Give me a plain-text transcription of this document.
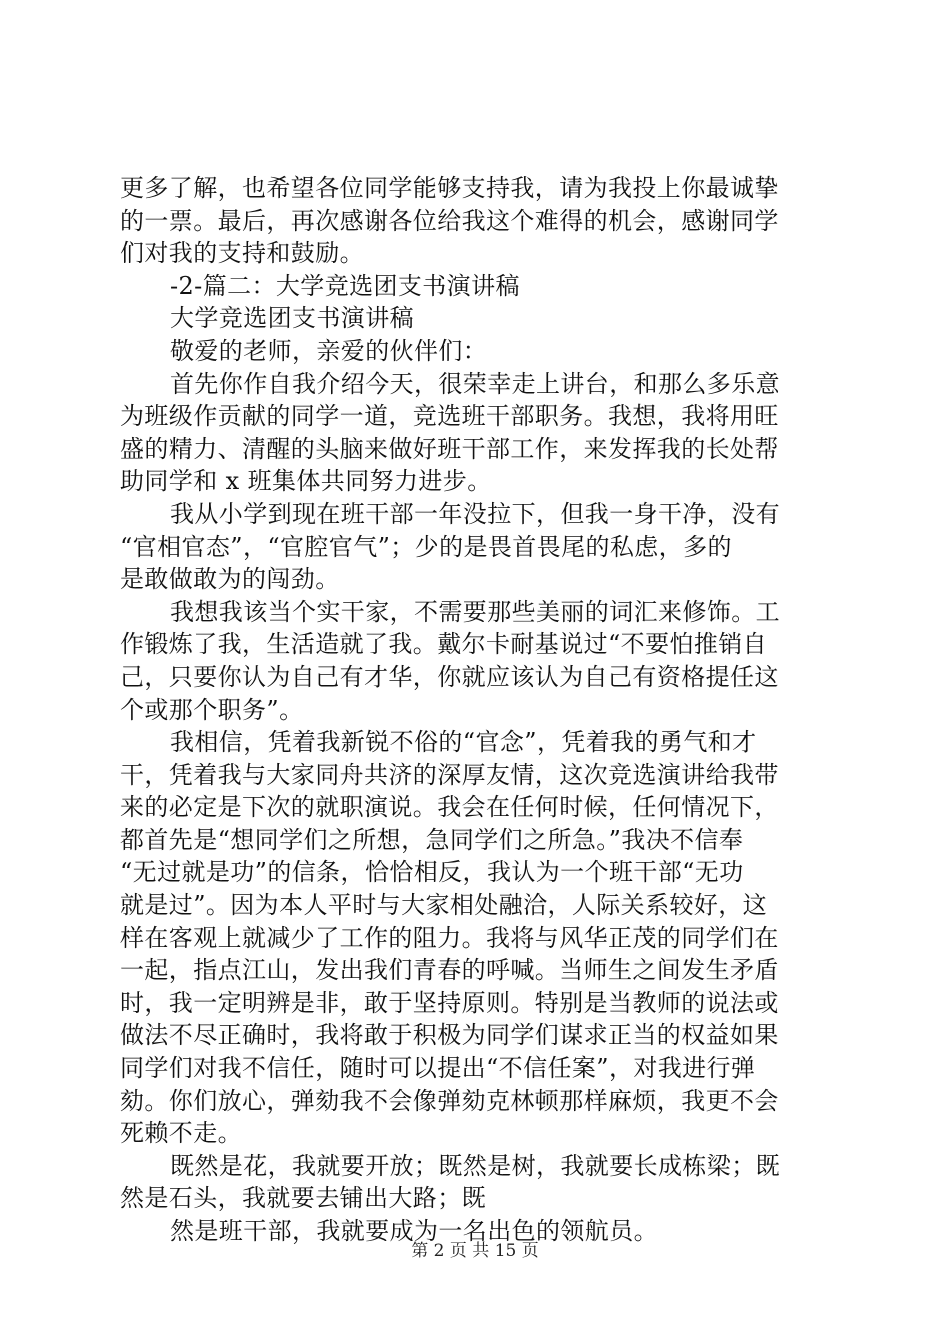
更多了解，也希望各位同学能够支持我，请为我投上你最诚挚
的一票。最后，再次感谢各位给我这个难得的机会，感谢同学
们对我的支持和鼓励。
-2-篇二：大学竞选团支书演讲稿
大学竞选团支书演讲稿
敬爱的老师，亲爱的伙伴们：
首先你作自我介绍今天，很荣幸走上讲台，和那么多乐意
为班级作贡献的同学一道，竞选班干部职务。我想，我将用旺
盛的精力、清醒的头脑来做好班干部工作，来发挥我的长处帮
助同学和 x 班集体共同努力进步。
我从小学到现在班干部一年没拉下，但我一身干净，没有
“官相官态”，“官腔官气”；少的是畏首畏尾的私虑，多的
是敢做敢为的闯劲。
我想我该当个实干家，不需要那些美丽的词汇来修饰。工
作锻炼了我，生活造就了我。戴尔卡耐基说过“不要怕推销自
己，只要你认为自己有才华，你就应该认为自己有资格提任这
个或那个职务”。
我相信，凭着我新锐不俗的“官念”，凭着我的勇气和才
干，凭着我与大家同舟共济的深厚友情，这次竞选演讲给我带
来的必定是下次的就职演说。我会在任何时候，任何情况下，
都首先是“想同学们之所想，急同学们之所急。”我决不信奉
“无过就是功”的信条，恰恰相反，我认为一个班干部“无功
就是过”。因为本人平时与大家相处融洽，人际关系较好，这
样在客观上就减少了工作的阻力。我将与风华正茂的同学们在
一起，指点江山，发出我们青春的呼喊。当师生之间发生矛盾
时，我一定明辨是非，敢于坚持原则。特别是当教师的说法或
做法不尽正确时，我将敢于积极为同学们谋求正当的权益如果
同学们对我不信任，随时可以提出“不信任案”，对我进行弹
劾。你们放心，弹劾我不会像弹劾克林顿那样麻烦，我更不会
死赖不走。
既然是花，我就要开放；既然是树，我就要长成栋梁；既
然是石头，我就要去铺出大路；既
然是班干部，我就要成为一名出色的领航员。
第 2 页 共 15 页
